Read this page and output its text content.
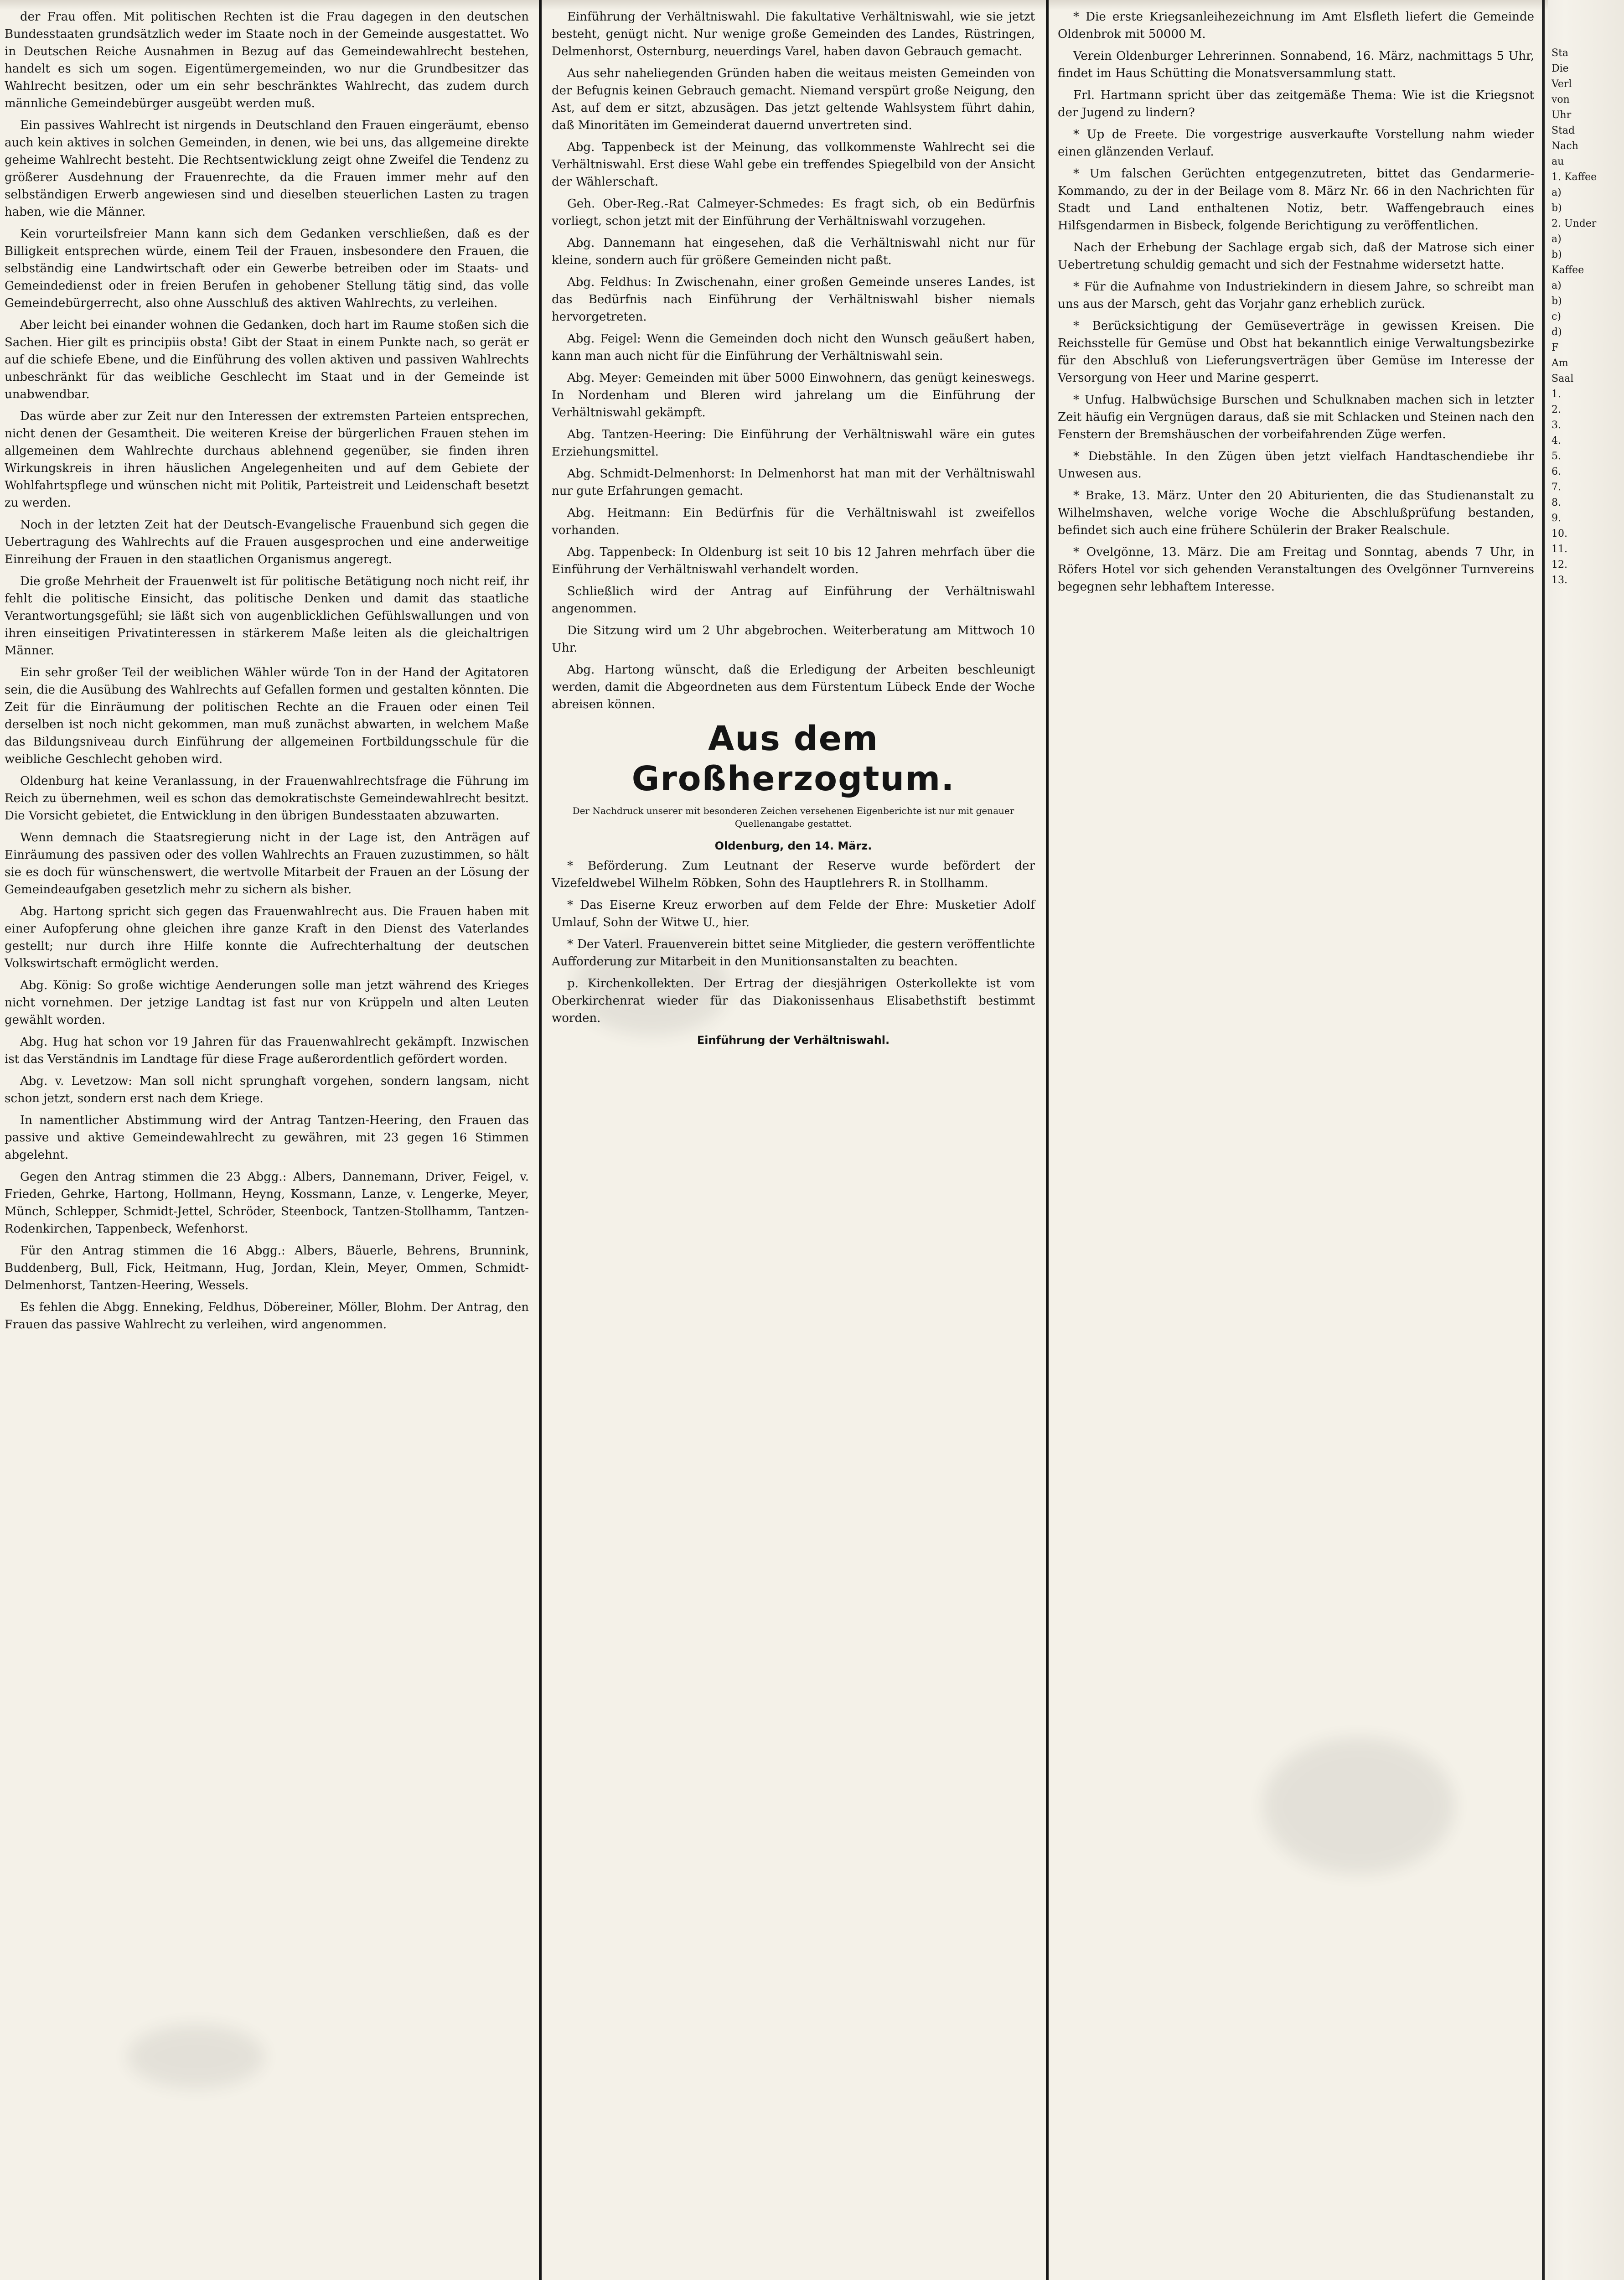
der Frau offen. Mit politischen Rechten ist die Frau dagegen in den deutschen Bundesstaaten grundsätzlich weder im Staate noch in der Gemeinde ausgestattet. Wo in Deutschen Reiche Ausnahmen in Bezug auf das Gemeindewahlrecht bestehen, handelt es sich um sogen. Eigentümergemeinden, wo nur die Grundbesitzer das Wahlrecht besitzen, oder um ein sehr beschränktes Wahlrecht, das zudem durch männliche Gemeindebürger ausgeübt werden muß.

Ein passives Wahlrecht ist nirgends in Deutschland den Frauen eingeräumt, ebenso auch kein aktives in solchen Gemeinden, in denen, wie bei uns, das allgemeine direkte geheime Wahlrecht besteht. Die Rechtsentwicklung zeigt ohne Zweifel die Tendenz zu größerer Ausdehnung der Frauenrechte, da die Frauen immer mehr auf den selbständigen Erwerb angewiesen sind und dieselben steuerlichen Lasten zu tragen haben, wie die Männer.

Kein vorurteilsfreier Mann kann sich dem Gedanken verschließen, daß es der Billigkeit entsprechen würde, einem Teil der Frauen, insbesondere den Frauen, die selbständig eine Landwirtschaft oder ein Gewerbe betreiben oder im Staats- und Gemeindedienst oder in freien Berufen in gehobener Stellung tätig sind, das volle Gemeindebürgerrecht, also ohne Ausschluß des aktiven Wahlrechts, zu verleihen.

Aber leicht bei einander wohnen die Gedanken, doch hart im Raume stoßen sich die Sachen. Hier gilt es principiis obsta! Gibt der Staat in einem Punkte nach, so gerät er auf die schiefe Ebene, und die Einführung des vollen aktiven und passiven Wahlrechts unbeschränkt für das weibliche Geschlecht im Staat und in der Gemeinde ist unabwendbar.

Das würde aber zur Zeit nur den Interessen der extremsten Parteien entsprechen, nicht denen der Gesamtheit. Die weiteren Kreise der bürgerlichen Frauen stehen im allgemeinen dem Wahlrechte durchaus ablehnend gegenüber, sie finden ihren Wirkungskreis in ihren häuslichen Angelegenheiten und auf dem Gebiete der Wohlfahrtspflege und wünschen nicht mit Politik, Parteistreit und Leidenschaft besetzt zu werden.

Noch in der letzten Zeit hat der Deutsch-Evangelische Frauenbund sich gegen die Uebertragung des Wahlrechts auf die Frauen ausgesprochen und eine anderweitige Einreihung der Frauen in den staatlichen Organismus angeregt.

Die große Mehrheit der Frauenwelt ist für politische Betätigung noch nicht reif, ihr fehlt die politische Einsicht, das politische Denken und damit das staatliche Verantwortungsgefühl; sie läßt sich von augenblicklichen Gefühlswallungen und von ihren einseitigen Privatinteressen in stärkerem Maße leiten als die gleichaltrigen Männer.

Ein sehr großer Teil der weiblichen Wähler würde Ton in der Hand der Agitatoren sein, die die Ausübung des Wahlrechts auf Gefallen formen und gestalten könnten. Die Zeit für die Einräumung der politischen Rechte an die Frauen oder einen Teil derselben ist noch nicht gekommen, man muß zunächst abwarten, in welchem Maße das Bildungsniveau durch Einführung der allgemeinen Fortbildungsschule für die weibliche Geschlecht gehoben wird.

Oldenburg hat keine Veranlassung, in der Frauenwahlrechtsfrage die Führung im Reich zu übernehmen, weil es schon das demokratischste Gemeindewahlrecht besitzt. Die Vorsicht gebietet, die Entwicklung in den übrigen Bundesstaaten abzuwarten.

Wenn demnach die Staatsregierung nicht in der Lage ist, den Anträgen auf Einräumung des passiven oder des vollen Wahlrechts an Frauen zuzustimmen, so hält sie es doch für wünschenswert, die wertvolle Mitarbeit der Frauen an der Lösung der Gemeindeaufgaben gesetzlich mehr zu sichern als bisher.

Abg. Hartong spricht sich gegen das Frauenwahlrecht aus. Die Frauen haben mit einer Aufopferung ohne gleichen ihre ganze Kraft in den Dienst des Vaterlandes gestellt; nur durch ihre Hilfe konnte die Aufrechterhaltung der deutschen Volkswirtschaft ermöglicht werden.

Abg. König: So große wichtige Aenderungen solle man jetzt während des Krieges nicht vornehmen. Der jetzige Landtag ist fast nur von Krüppeln und alten Leuten gewählt worden.

Abg. Hug hat schon vor 19 Jahren für das Frauenwahlrecht gekämpft. Inzwischen ist das Verständnis im Landtage für diese Frage außerordentlich gefördert worden.

Abg. v. Levetzow: Man soll nicht sprunghaft vorgehen, sondern langsam, nicht schon jetzt, sondern erst nach dem Kriege.

In namentlicher Abstimmung wird der Antrag Tantzen-Heering, den Frauen das passive und aktive Gemeindewahlrecht zu gewähren, mit 23 gegen 16 Stimmen abgelehnt.

Gegen den Antrag stimmen die 23 Abgg.: Albers, Dannemann, Driver, Feigel, v. Frieden, Gehrke, Hartong, Hollmann, Heyng, Kossmann, Lanze, v. Lengerke, Meyer, Münch, Schlepper, Schmidt-Jettel, Schröder, Steenbock, Tantzen-Stollhamm, Tantzen-Rodenkirchen, Tappenbeck, Wefenhorst.

Für den Antrag stimmen die 16 Abgg.: Albers, Bäuerle, Behrens, Brunnink, Buddenberg, Bull, Fick, Heitmann, Hug, Jordan, Klein, Meyer, Ommen, Schmidt-Delmenhorst, Tantzen-Heering, Wessels.

Es fehlen die Abgg. Enneking, Feldhus, Döbereiner, Möller, Blohm. Der Antrag, den Frauen das passive Wahlrecht zu verleihen, wird angenommen.

Einführung der Verhältniswahl. Die fakultative Verhältniswahl, wie sie jetzt besteht, genügt nicht. Nur wenige große Gemeinden des Landes, Rüstringen, Delmenhorst, Osternburg, neuerdings Varel, haben davon Gebrauch gemacht.

Aus sehr naheliegenden Gründen haben die weitaus meisten Gemeinden von der Befugnis keinen Gebrauch gemacht. Niemand verspürt große Neigung, den Ast, auf dem er sitzt, abzusägen. Das jetzt geltende Wahlsystem führt dahin, daß Minoritäten im Gemeinderat dauernd unvertreten sind.

Abg. Tappenbeck ist der Meinung, das vollkommenste Wahlrecht sei die Verhältniswahl. Erst diese Wahl gebe ein treffendes Spiegelbild von der Ansicht der Wählerschaft.

Geh. Ober-Reg.-Rat Calmeyer-Schmedes: Es fragt sich, ob ein Bedürfnis vorliegt, schon jetzt mit der Einführung der Verhältniswahl vorzugehen.

Abg. Dannemann hat eingesehen, daß die Verhältniswahl nicht nur für kleine, sondern auch für größere Gemeinden nicht paßt.

Abg. Feldhus: In Zwischenahn, einer großen Gemeinde unseres Landes, ist das Bedürfnis nach Einführung der Verhältniswahl bisher niemals hervorgetreten.

Abg. Feigel: Wenn die Gemeinden doch nicht den Wunsch geäußert haben, kann man auch nicht für die Einführung der Verhältniswahl sein.

Abg. Meyer: Gemeinden mit über 5000 Einwohnern, das genügt keineswegs. In Nordenham und Bleren wird jahrelang um die Einführung der Verhältniswahl gekämpft.

Abg. Tantzen-Heering: Die Einführung der Verhältniswahl wäre ein gutes Erziehungsmittel.

Abg. Schmidt-Delmenhorst: In Delmenhorst hat man mit der Verhältniswahl nur gute Erfahrungen gemacht.

Abg. Heitmann: Ein Bedürfnis für die Verhältniswahl ist zweifellos vorhanden.

Abg. Tappenbeck: In Oldenburg ist seit 10 bis 12 Jahren mehrfach über die Einführung der Verhältniswahl verhandelt worden.

Schließlich wird der Antrag auf Einführung der Verhältniswahl angenommen.

Die Sitzung wird um 2 Uhr abgebrochen. Weiterberatung am Mittwoch 10 Uhr.

Abg. Hartong wünscht, daß die Erledigung der Arbeiten beschleunigt werden, damit die Abgeordneten aus dem Fürstentum Lübeck Ende der Woche abreisen können.

Aus dem Großherzogtum.
Der Nachdruck unserer mit besonderen Zeichen versehenen Eigenberichte ist nur mit genauer Quellenangabe gestattet.
Oldenburg, den 14. März.

* Beförderung. Zum Leutnant der Reserve wurde befördert der Vizefeldwebel Wilhelm Röbken, Sohn des Hauptlehrers R. in Stollhamm.

* Das Eiserne Kreuz erworben auf dem Felde der Ehre: Musketier Adolf Umlauf, Sohn der Witwe U., hier.

* Der Vaterl. Frauenverein bittet seine Mitglieder, die gestern veröffentlichte Aufforderung zur Mitarbeit in den Munitionsanstalten zu beachten.

p. Kirchenkollekten. Der Ertrag der diesjährigen Osterkollekte ist vom Oberkirchenrat wieder für das Diakonissenhaus Elisabethstift bestimmt worden.

Einführung der Verhältniswahl.

* Die erste Kriegsanleihezeichnung im Amt Elsfleth liefert die Gemeinde Oldenbrok mit 50000 M.

Verein Oldenburger Lehrerinnen. Sonnabend, 16. März, nachmittags 5 Uhr, findet im Haus Schütting die Monatsversammlung statt.

Frl. Hartmann spricht über das zeitgemäße Thema: Wie ist die Kriegsnot der Jugend zu lindern?

* Up de Freete. Die vorgestrige ausverkaufte Vorstellung nahm wieder einen glänzenden Verlauf.

* Um falschen Gerüchten entgegenzutreten, bittet das Gendarmerie-Kommando, zu der in der Beilage vom 8. März Nr. 66 in den Nachrichten für Stadt und Land enthaltenen Notiz, betr. Waffengebrauch eines Hilfsgendarmen in Bisbeck, folgende Berichtigung zu veröffentlichen.

Nach der Erhebung der Sachlage ergab sich, daß der Matrose sich einer Uebertretung schuldig gemacht und sich der Festnahme widersetzt hatte.

* Für die Aufnahme von Industriekindern in diesem Jahre, so schreibt man uns aus der Marsch, geht das Vorjahr ganz erheblich zurück.

* Berücksichtigung der Gemüseverträge in gewissen Kreisen. Die Reichsstelle für Gemüse und Obst hat bekanntlich einige Verwaltungsbezirke für den Abschluß von Lieferungsverträgen über Gemüse im Interesse der Versorgung von Heer und Marine gesperrt.

* Unfug. Halbwüchsige Burschen und Schulknaben machen sich in letzter Zeit häufig ein Vergnügen daraus, daß sie mit Schlacken und Steinen nach den Fenstern der Bremshäuschen der vorbeifahrenden Züge werfen.

* Diebstähle. In den Zügen üben jetzt vielfach Handtaschendiebe ihr Unwesen aus.

* Brake, 13. März. Unter den 20 Abiturienten, die das Studienanstalt zu Wilhelmshaven, welche vorige Woche die Abschlußprüfung bestanden, befindet sich auch eine frühere Schülerin der Braker Realschule.

* Ovelgönne, 13. März. Die am Freitag und Sonntag, abends 7 Uhr, in Röfers Hotel vor sich gehenden Veranstaltungen des Ovelgönner Turnvereins begegnen sehr lebhaftem Interesse.

Sta
Die
Verl
von
Uhr
Stad
Nach
au
1. Kaffee
a)
b)
2. Under
a)
b)
Kaffee
a)
b)
c)
d)
F
Am
Saal
1.
2.
3.
4.
5.
6.
7.
8.
9.
10.
11.
12.
13.
